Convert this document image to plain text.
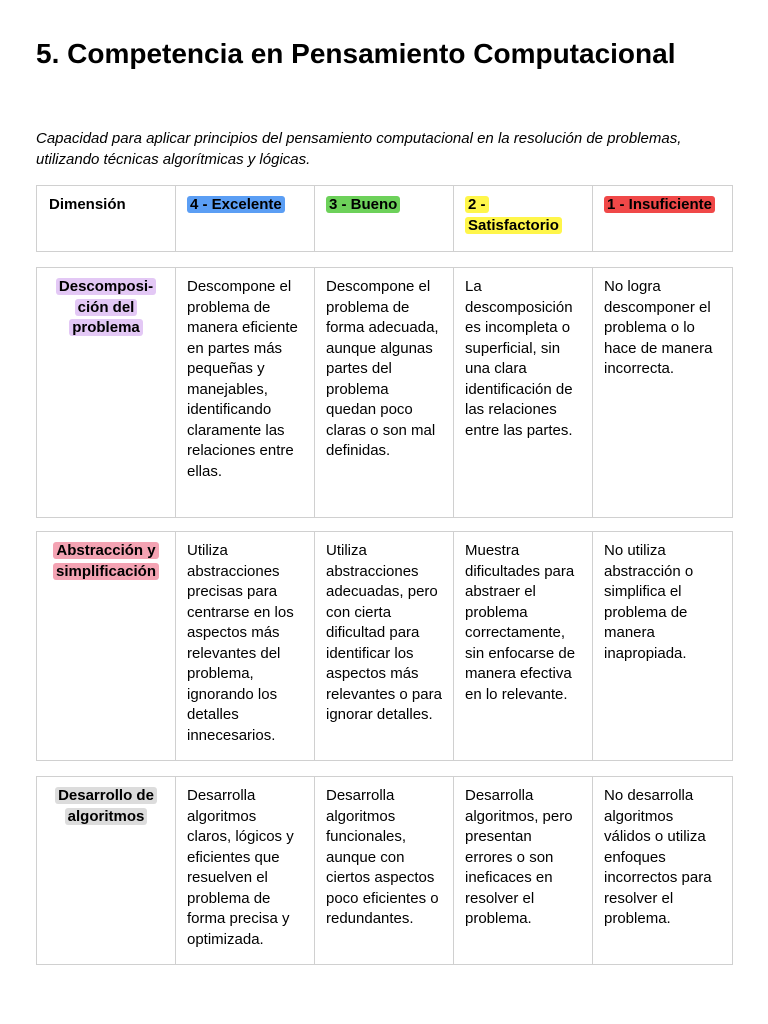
5. Competencia en Pensamiento Computacional

Capacidad para aplicar principios del pensamiento computacional en la resolución de problemas, utilizando técnicas algorítmicas y lógicas.

Dimensión	4 - Excelente	3 - Bueno	2 - Satisfactorio	1 - Insuficiente
Descomposi-ción del problema	Descompone el problema de manera eficiente en partes más pequeñas y manejables, identificando claramente las relaciones entre ellas.	Descompone el problema de forma adecuada, aunque algunas partes del problema quedan poco claras o son mal definidas.	La descomposición es incompleta o superficial, sin una clara identificación de las relaciones entre las partes.	No logra descomponer el problema o lo hace de manera incorrecta.
Abstracción y simplificación	Utiliza abstracciones precisas para centrarse en los aspectos más relevantes del problema, ignorando los detalles innecesarios.	Utiliza abstracciones adecuadas, pero con cierta dificultad para identificar los aspectos más relevantes o para ignorar detalles.	Muestra dificultades para abstraer el problema correctamente, sin enfocarse de manera efectiva en lo relevante.	No utiliza abstracción o simplifica el problema de manera inapropiada.
Desarrollo de algoritmos	Desarrolla algoritmos claros, lógicos y eficientes que resuelven el problema de forma precisa y optimizada.	Desarrolla algoritmos funcionales, aunque con ciertos aspectos poco eficientes o redundantes.	Desarrolla algoritmos, pero presentan errores o son ineficaces en resolver el problema.	No desarrolla algoritmos válidos o utiliza enfoques incorrectos para resolver el problema.
